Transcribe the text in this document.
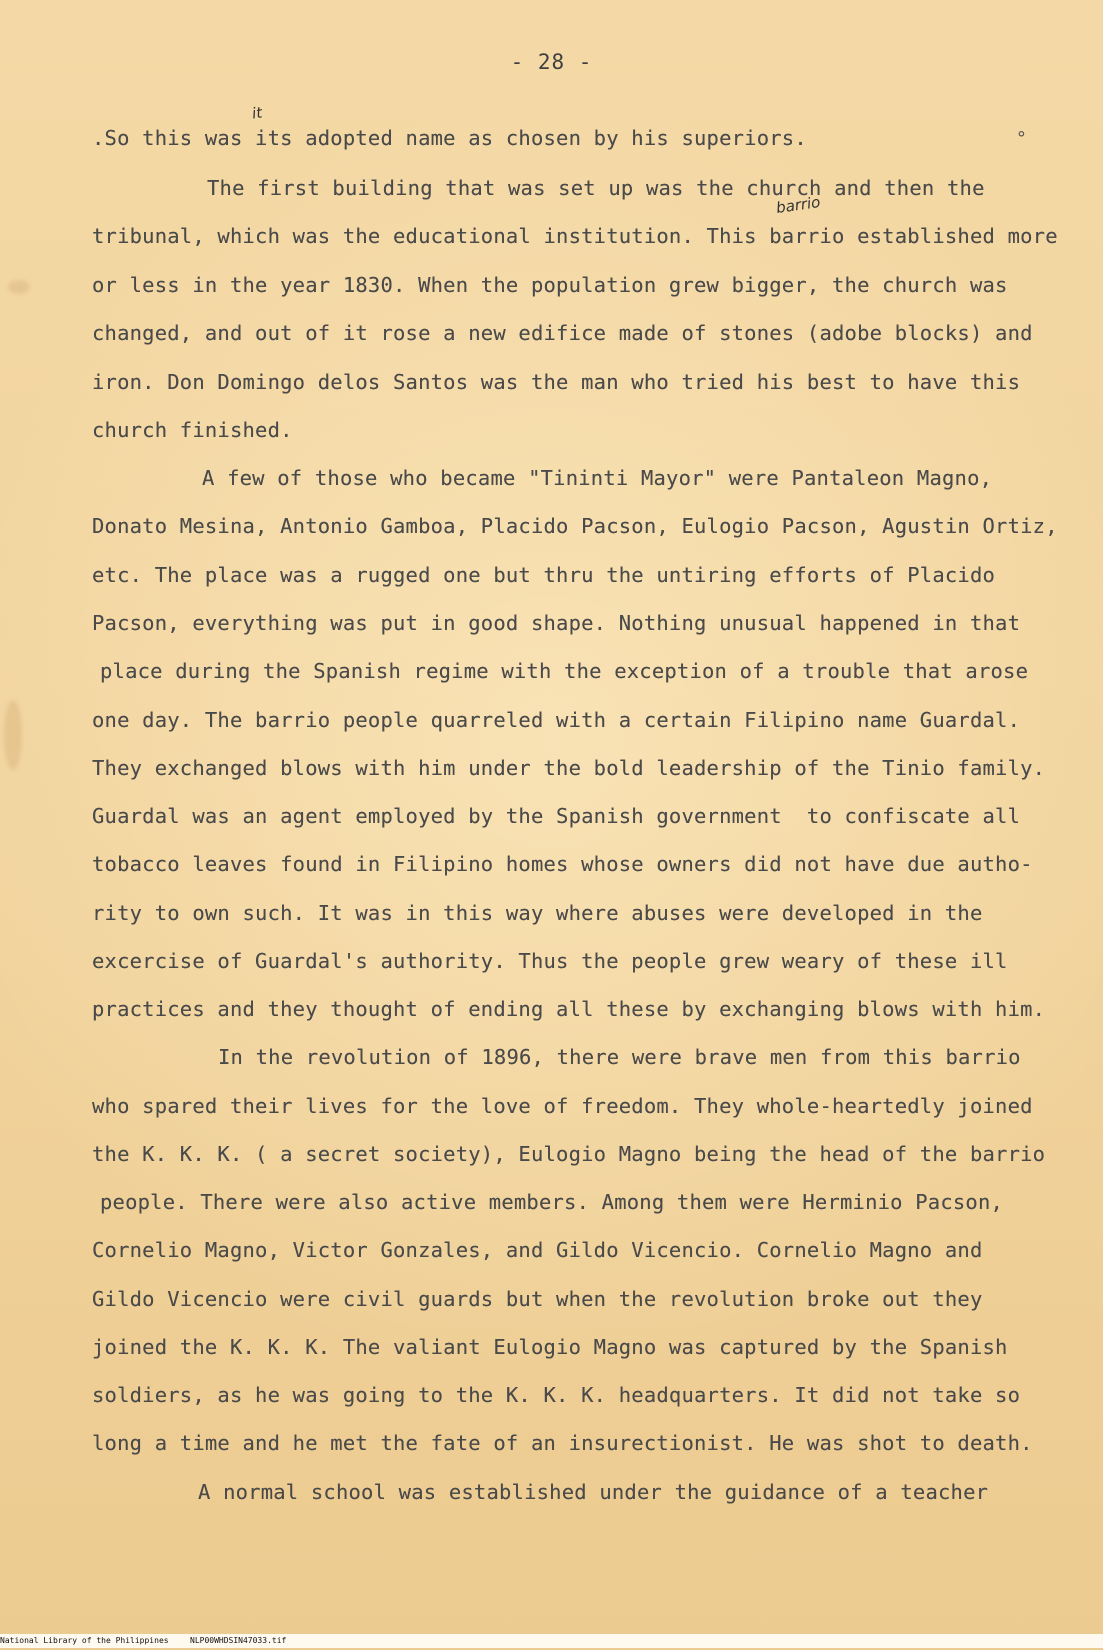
- 28 -
it
barrio
.So this was its adopted name as chosen by his superiors.	°
The first building that was set up was the church and then the
tribunal, which was the educational institution. This barrio established more
or less in the year 1830. When the population grew bigger, the church was
changed, and out of it rose a new edifice made of stones (adobe blocks) and
iron. Don Domingo delos Santos was the man who tried his best to have this
church finished.
A few of those who became "Tininti Mayor" were Pantaleon Magno,
Donato Mesina, Antonio Gamboa, Placido Pacson, Eulogio Pacson, Agustin Ortiz,
etc. The place was a rugged one but thru the untiring efforts of Placido
Pacson, everything was put in good shape. Nothing unusual happened in that
place during the Spanish regime with the exception of a trouble that arose
one day. The barrio people quarreled with a certain Filipino name Guardal.
They exchanged blows with him under the bold leadership of the Tinio family.
Guardal was an agent employed by the Spanish government  to confiscate all
tobacco leaves found in Filipino homes whose owners did not have due autho-
rity to own such. It was in this way where abuses were developed in the
excercise of Guardal's authority. Thus the people grew weary of these ill
practices and they thought of ending all these by exchanging blows with him.
In the revolution of 1896, there were brave men from this barrio
who spared their lives for the love of freedom. They whole-heartedly joined
the K. K. K. ( a secret society), Eulogio Magno being the head of the barrio
people. There were also active members. Among them were Herminio Pacson,
Cornelio Magno, Victor Gonzales, and Gildo Vicencio. Cornelio Magno and
Gildo Vicencio were civil guards but when the revolution broke out they
joined the K. K. K. The valiant Eulogio Magno was captured by the Spanish
soldiers, as he was going to the K. K. K. headquarters. It did not take so
long a time and he met the fate of an insurectionist. He was shot to death.
A normal school was established under the guidance of a teacher
National Library of the Philippines	NLP00WHDSIN47033.tif
